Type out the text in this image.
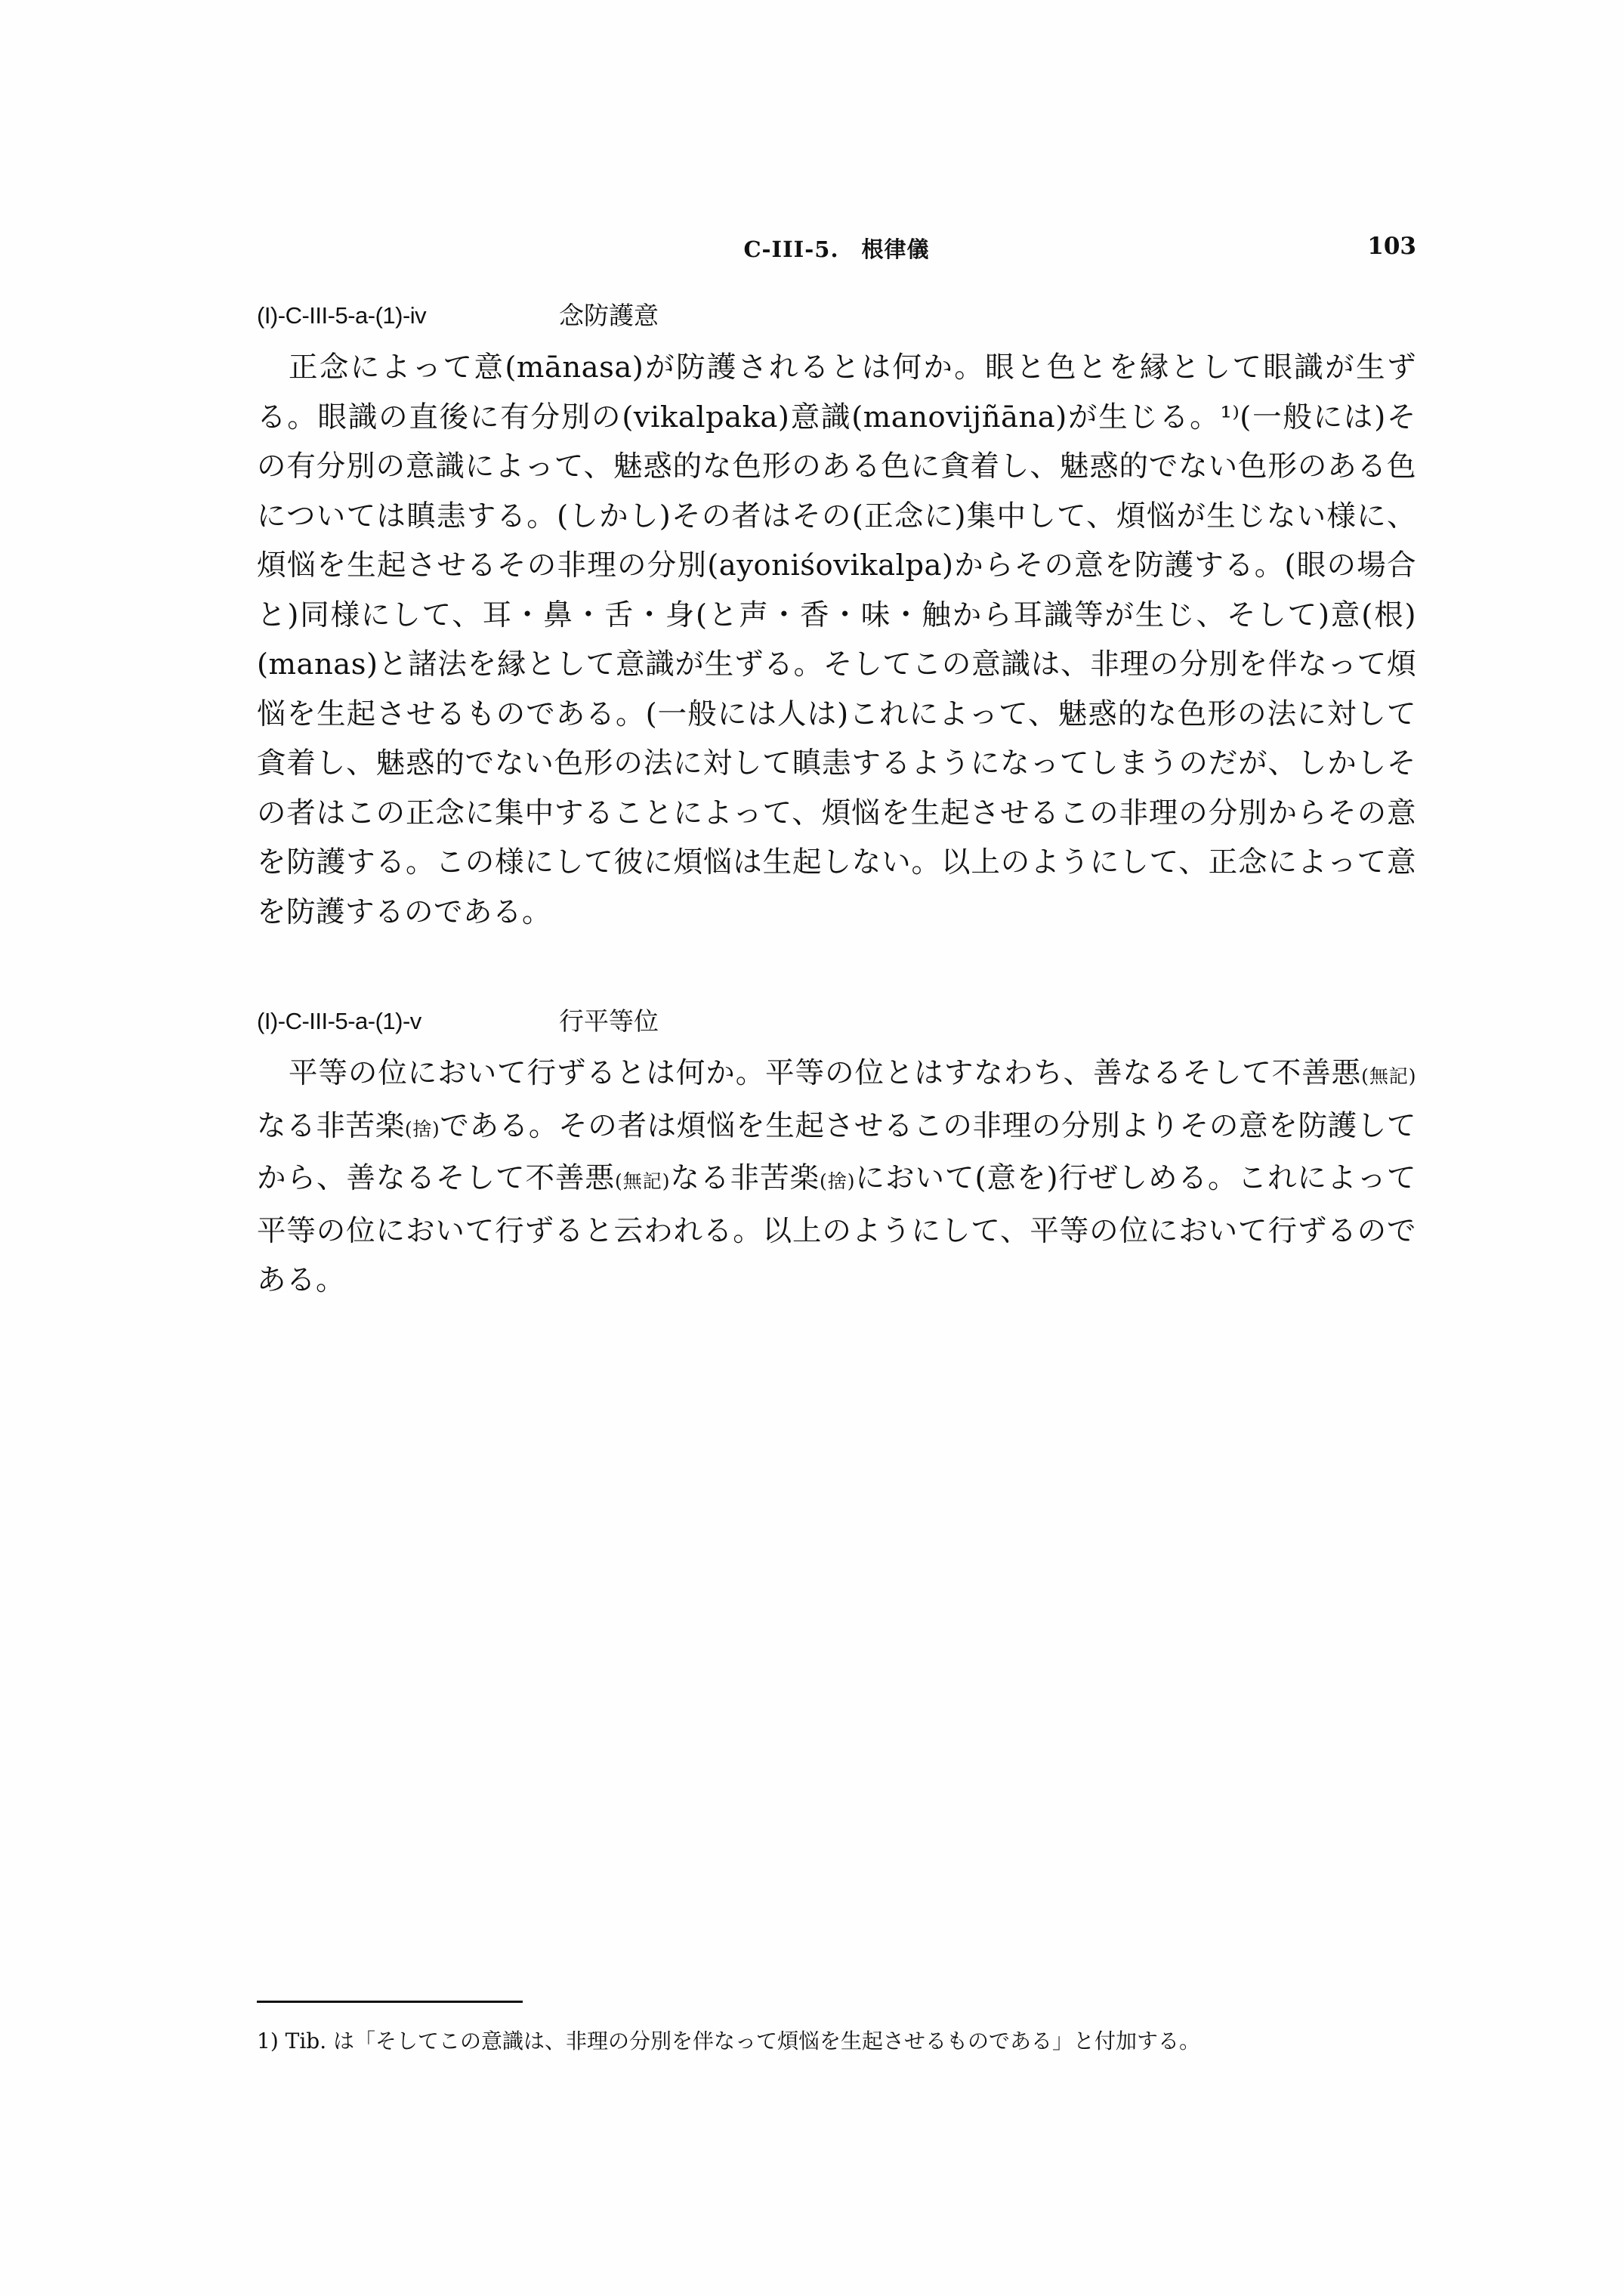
C-III-5.　根律儀	103
(I)-C-III-5-a-(1)-iv	念防護意

正念によって意(mānasa)が防護されるとは何か。眼と色とを縁として眼識が生ずる。眼識の直後に有分別の(vikalpaka)意識(manovijñāna)が生じる。¹⁾(一般には)その有分別の意識によって、魅惑的な色形のある色に貪着し、魅惑的でない色形のある色については瞋恚する。(しかし)その者はその(正念に)集中して、煩悩が生じない様に、煩悩を生起させるその非理の分別(ayoniśovikalpa)からその意を防護する。(眼の場合と)同様にして、耳・鼻・舌・身(と声・香・味・触から耳識等が生じ、そして)意(根)(manas)と諸法を縁として意識が生ずる。そしてこの意識は、非理の分別を伴なって煩悩を生起させるものである。(一般には人は)これによって、魅惑的な色形の法に対して貪着し、魅惑的でない色形の法に対して瞋恚するようになってしまうのだが、しかしその者はこの正念に集中することによって、煩悩を生起させるこの非理の分別からその意を防護する。この様にして彼に煩悩は生起しない。以上のようにして、正念によって意を防護するのである。

(I)-C-III-5-a-(1)-v	行平等位

平等の位において行ずるとは何か。平等の位とはすなわち、善なるそして不善悪(無記)なる非苦楽(捨)である。その者は煩悩を生起させるこの非理の分別よりその意を防護してから、善なるそして不善悪(無記)なる非苦楽(捨)において(意を)行ぜしめる。これによって平等の位において行ずると云われる。以上のようにして、平等の位において行ずるのである。

1) Tib. は「そしてこの意識は、非理の分別を伴なって煩悩を生起させるものである」と付加する。
